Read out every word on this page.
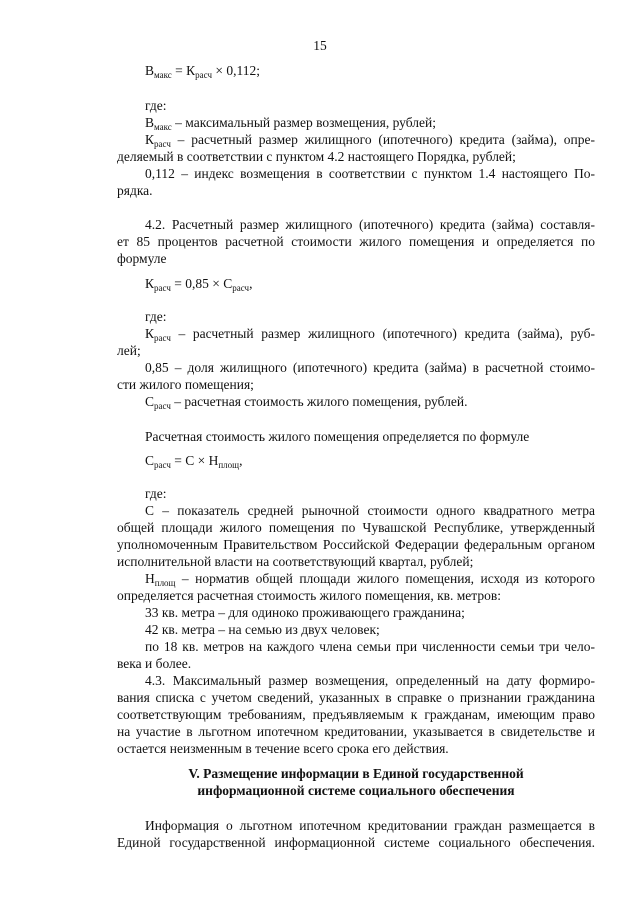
15
$В_{макс} = К_{расч} \times 0,112$;
где:
$В_{макс}$ – максимальный размер возмещения, рублей;
$К_{расч}$ – расчетный размер жилищного (ипотечного) кредита (займа), опре-
деляемый в соответствии с пунктом 4.2 настоящего Порядка, рублей;
0,112 – индекс возмещения в соответствии с пунктом 1.4 настоящего По-
рядка.
4.2. Расчетный размер жилищного (ипотечного) кредита (займа) составля-
ет 85 процентов расчетной стоимости жилого помещения и определяется по
формуле
$К_{расч} = 0,85 \times С_{расч}$,
где:
$К_{расч}$ – расчетный размер жилищного (ипотечного) кредита (займа), руб-
лей;
0,85 – доля жилищного (ипотечного) кредита (займа) в расчетной стоимо-
сти жилого помещения;
$С_{расч}$ – расчетная стоимость жилого помещения, рублей.
Расчетная стоимость жилого помещения определяется по формуле
$С_{расч} = С \times Н_{площ}$,
где:
С – показатель средней рыночной стоимости одного квадратного метра
общей площади жилого помещения по Чувашской Республике, утвержденный
уполномоченным Правительством Российской Федерации федеральным органом
исполнительной власти на соответствующий квартал, рублей;
$Н_{площ}$ – норматив общей площади жилого помещения, исходя из которого
определяется расчетная стоимость жилого помещения, кв. метров:
33 кв. метра – для одиноко проживающего гражданина;
42 кв. метра – на семью из двух человек;
по 18 кв. метров на каждого члена семьи при численности семьи три чело-
века и более.
4.3. Максимальный размер возмещения, определенный на дату формиро-
вания списка с учетом сведений, указанных в справке о признании гражданина
соответствующим требованиям, предъявляемым к гражданам, имеющим право
на участие в льготном ипотечном кредитовании, указывается в свидетельстве и
остается неизменным в течение всего срока его действия.
V. Размещение информации в Единой государственной
информационной системе социального обеспечения
Информация о льготном ипотечном кредитовании граждан размещается в
Единой государственной информационной системе социального обеспечения.
